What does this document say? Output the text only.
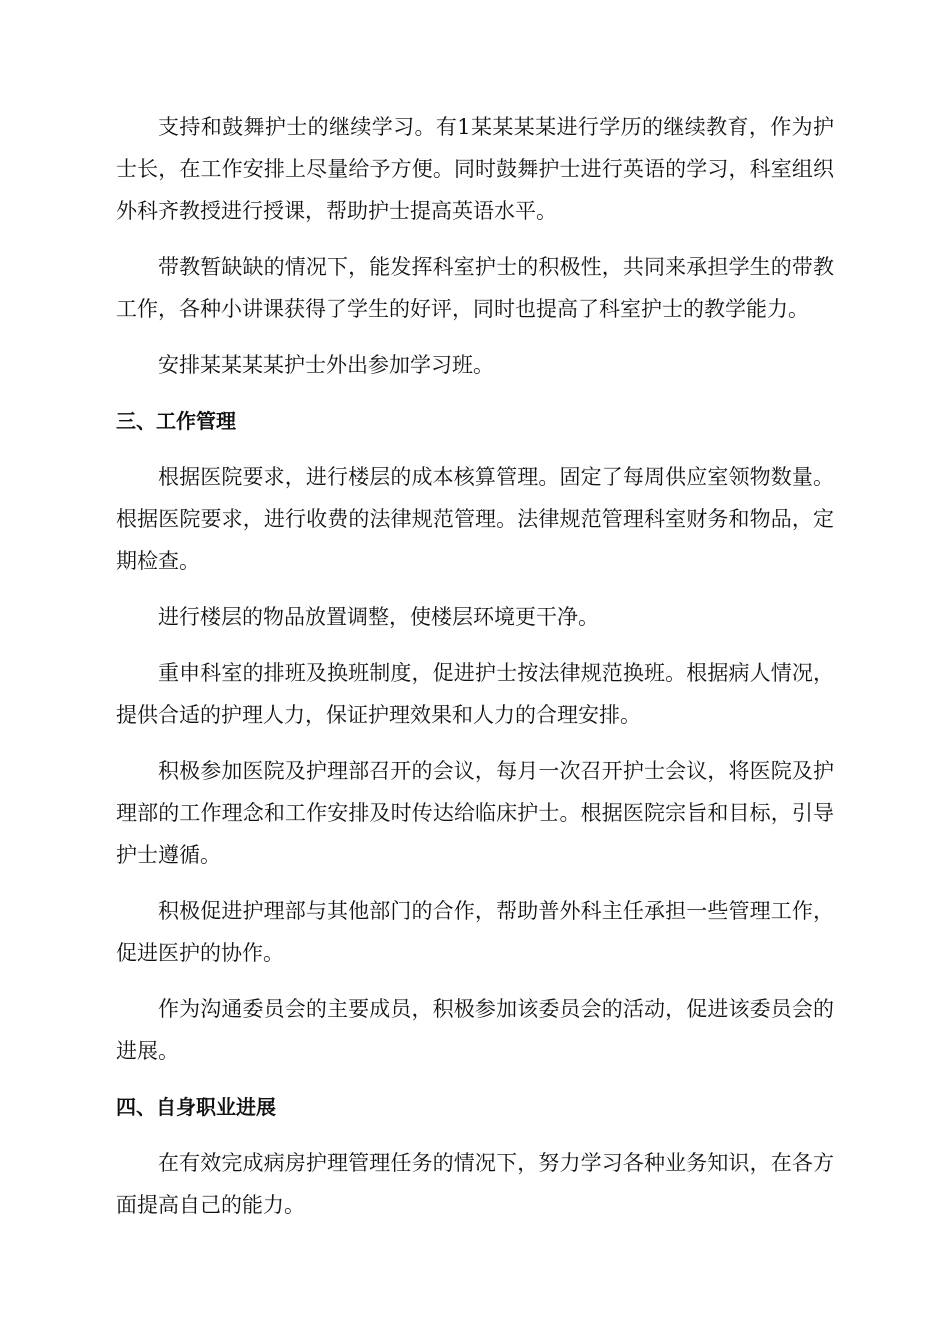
支持和鼓舞护士的继续学习。有1某某某某进行学历的继续教育，作为护士长，在工作安排上尽量给予方便。同时鼓舞护士进行英语的学习，科室组织外科齐教授进行授课，帮助护士提高英语水平。

带教暂缺缺的情况下，能发挥科室护士的积极性，共同来承担学生的带教工作，各种小讲课获得了学生的好评，同时也提高了科室护士的教学能力。

安排某某某某护士外出参加学习班。

三、工作管理

根据医院要求，进行楼层的成本核算管理。固定了每周供应室领物数量。根据医院要求，进行收费的法律规范管理。法律规范管理科室财务和物品，定期检查。

进行楼层的物品放置调整，使楼层环境更干净。

重申科室的排班及换班制度，促进护士按法律规范换班。根据病人情况，提供合适的护理人力，保证护理效果和人力的合理安排。

积极参加医院及护理部召开的会议，每月一次召开护士会议，将医院及护理部的工作理念和工作安排及时传达给临床护士。根据医院宗旨和目标，引导护士遵循。

积极促进护理部与其他部门的合作，帮助普外科主任承担一些管理工作，促进医护的协作。

作为沟通委员会的主要成员，积极参加该委员会的活动，促进该委员会的进展。

四、自身职业进展

在有效完成病房护理管理任务的情况下，努力学习各种业务知识，在各方面提高自己的能力。
